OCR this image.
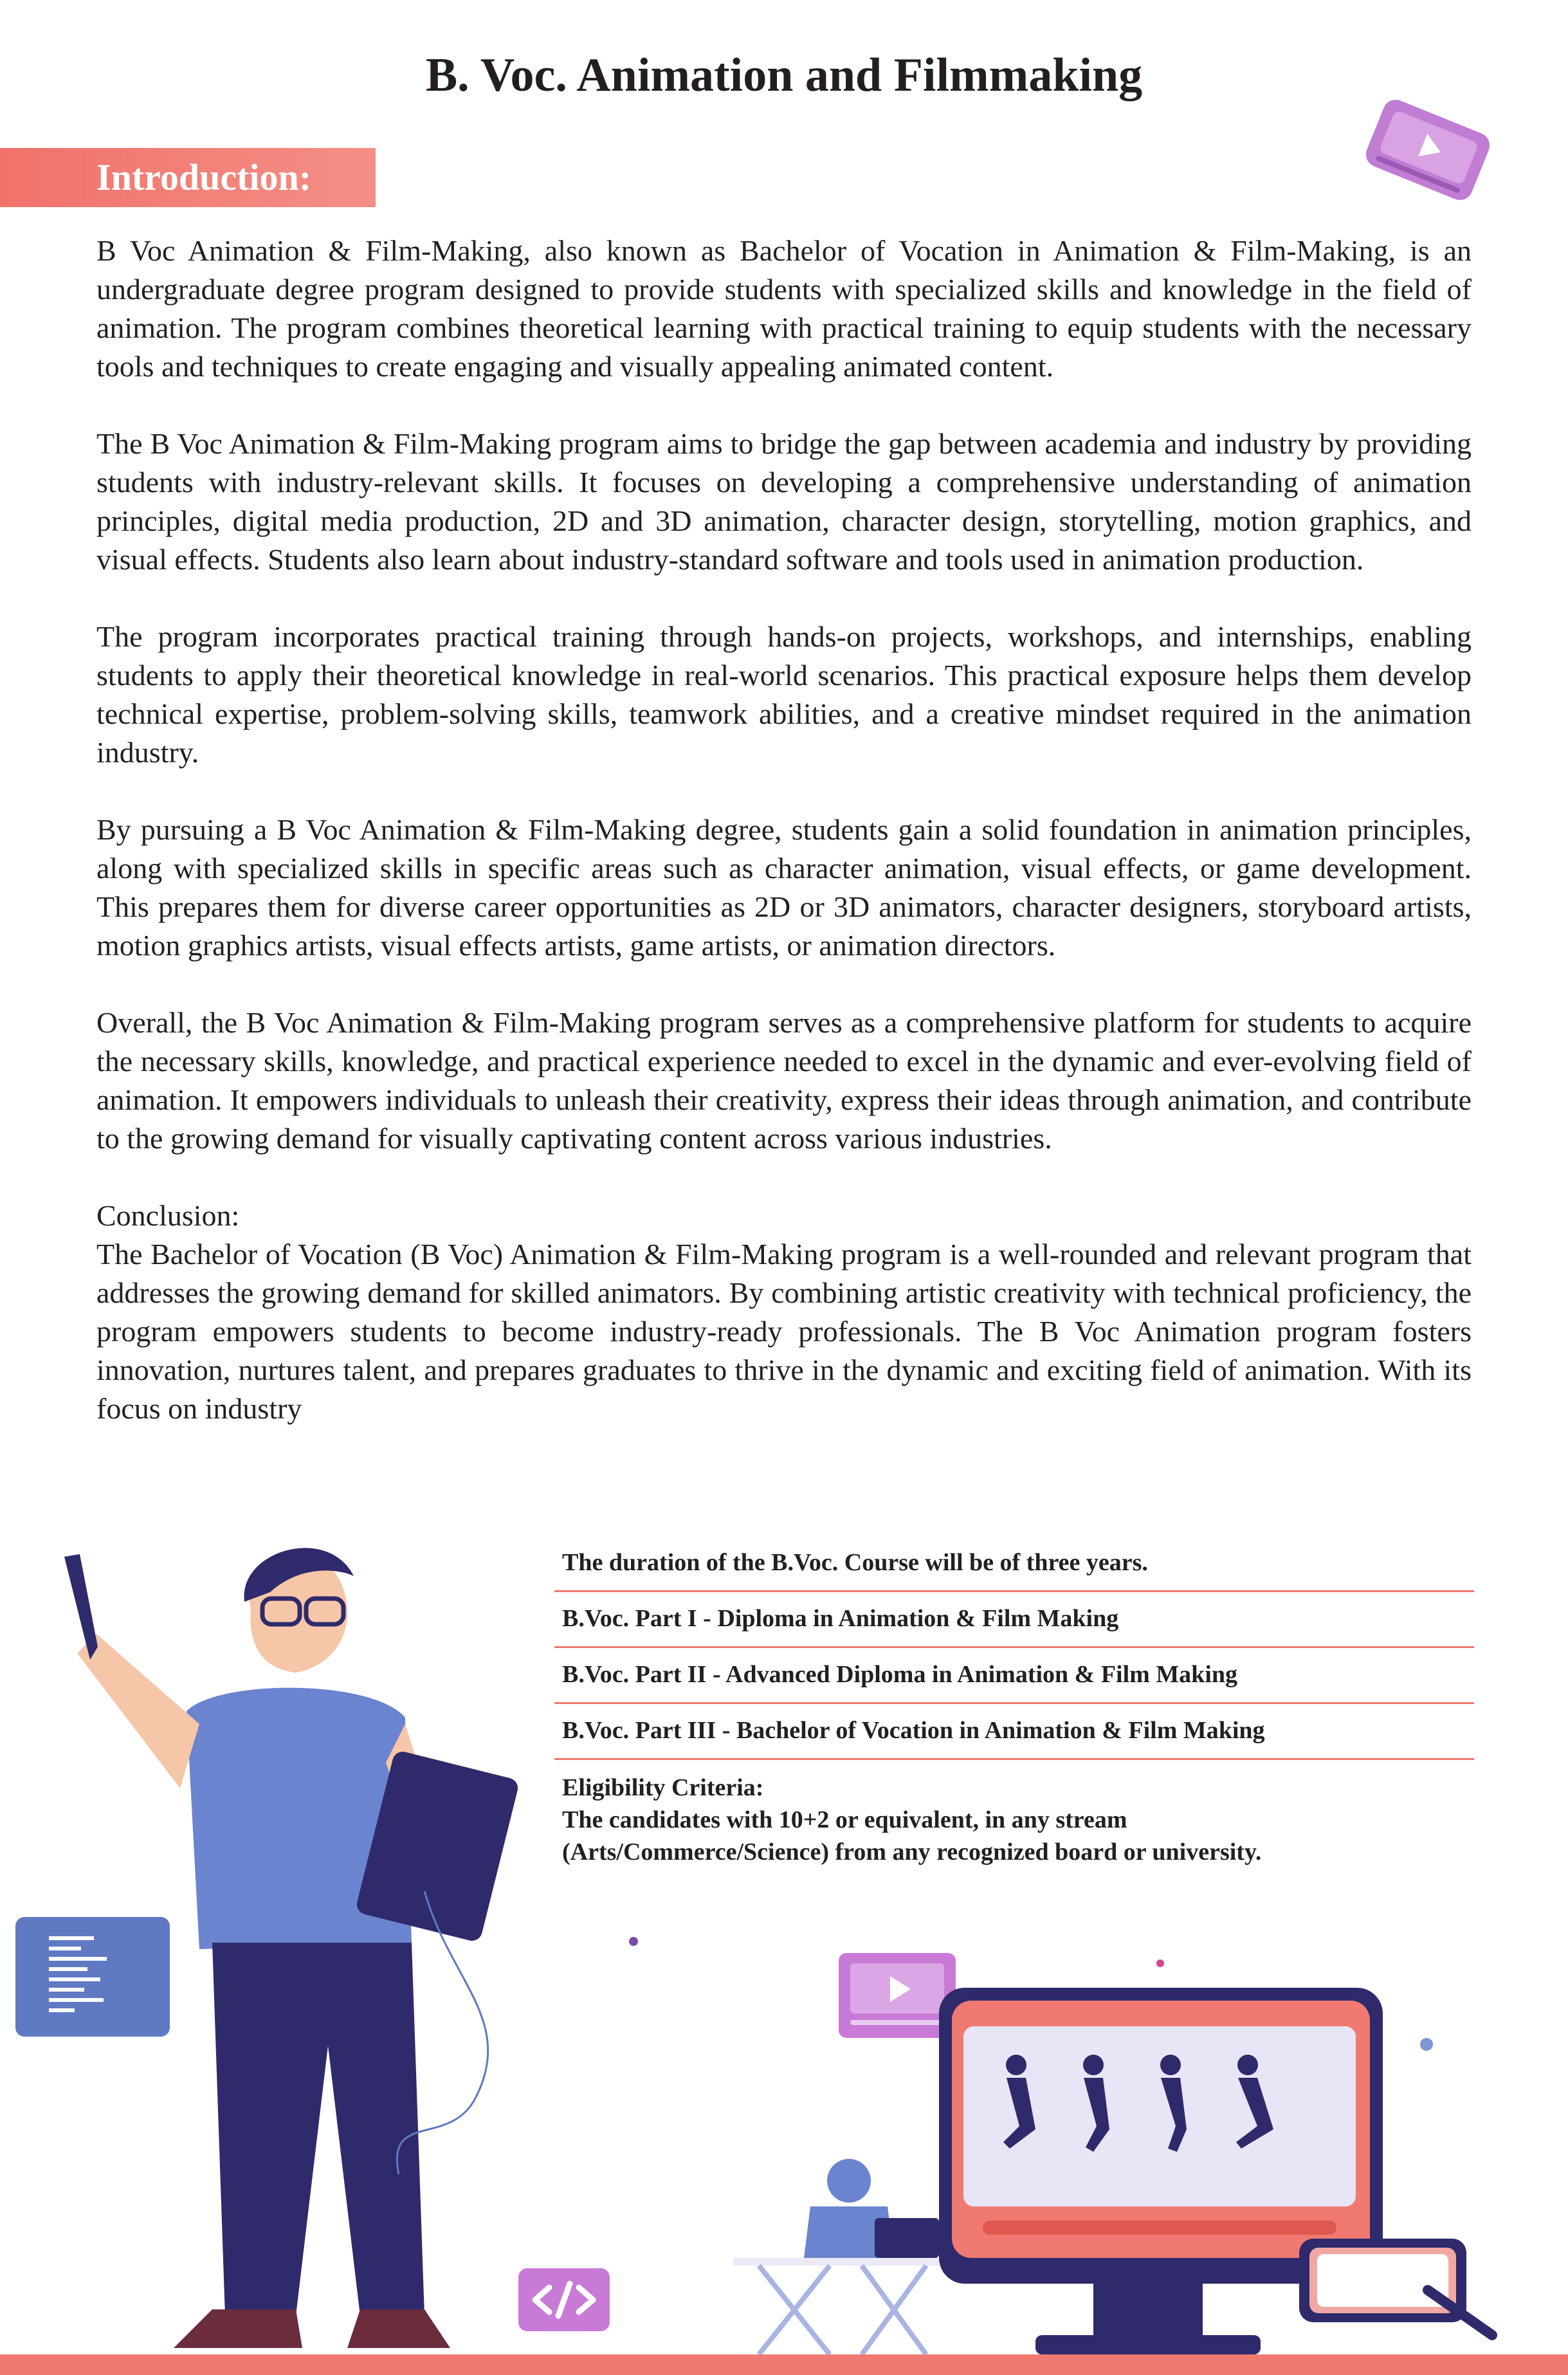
B. Voc. Animation and Filmmaking
Introduction:

B Voc Animation & Film-Making, also known as Bachelor of Vocation in Animation & Film-Making, is an undergraduate degree program designed to provide students with specialized skills and knowledge in the field of animation. The program combines theoretical learning with practical training to equip students with the necessary tools and techniques to create engaging and visually appealing animated content.

The B Voc Animation & Film-Making program aims to bridge the gap between academia and industry by providing students with industry-relevant skills. It focuses on developing a comprehensive understanding of animation principles, digital media production, 2D and 3D animation, character design, storytelling, motion graphics, and visual effects. Students also learn about industry-standard software and tools used in animation production.

The program incorporates practical training through hands-on projects, workshops, and internships, enabling students to apply their theoretical knowledge in real-world scenarios. This practical exposure helps them develop technical expertise, problem-solving skills, teamwork abilities, and a creative mindset required in the animation industry.

By pursuing a B Voc Animation & Film-Making degree, students gain a solid foundation in animation principles, along with specialized skills in specific areas such as character animation, visual effects, or game development. This prepares them for diverse career opportunities as 2D or 3D animators, character designers, storyboard artists, motion graphics artists, visual effects artists, game artists, or animation directors.

Overall, the B Voc Animation & Film-Making program serves as a comprehensive platform for students to acquire the necessary skills, knowledge, and practical experience needed to excel in the dynamic and ever-evolving field of animation. It empowers individuals to unleash their creativity, express their ideas through animation, and contribute to the growing demand for visually captivating content across various industries.

Conclusion:

The Bachelor of Vocation (B Voc) Animation & Film-Making program is a well-rounded and relevant program that addresses the growing demand for skilled animators. By combining artistic creativity with technical proficiency, the program empowers students to become industry-ready professionals. The B Voc Animation program fosters innovation, nurtures talent, and prepares graduates to thrive in the dynamic and exciting field of animation. With its focus on industry

The duration of the B.Voc. Course will be of three years.
B.Voc. Part I - Diploma in Animation & Film Making
B.Voc. Part II - Advanced Diploma in Animation & Film Making
B.Voc. Part III - Bachelor of Vocation in Animation & Film Making
Eligibility Criteria:
The candidates with 10+2 or equivalent, in any stream
(Arts/Commerce/Science) from any recognized board or university.
